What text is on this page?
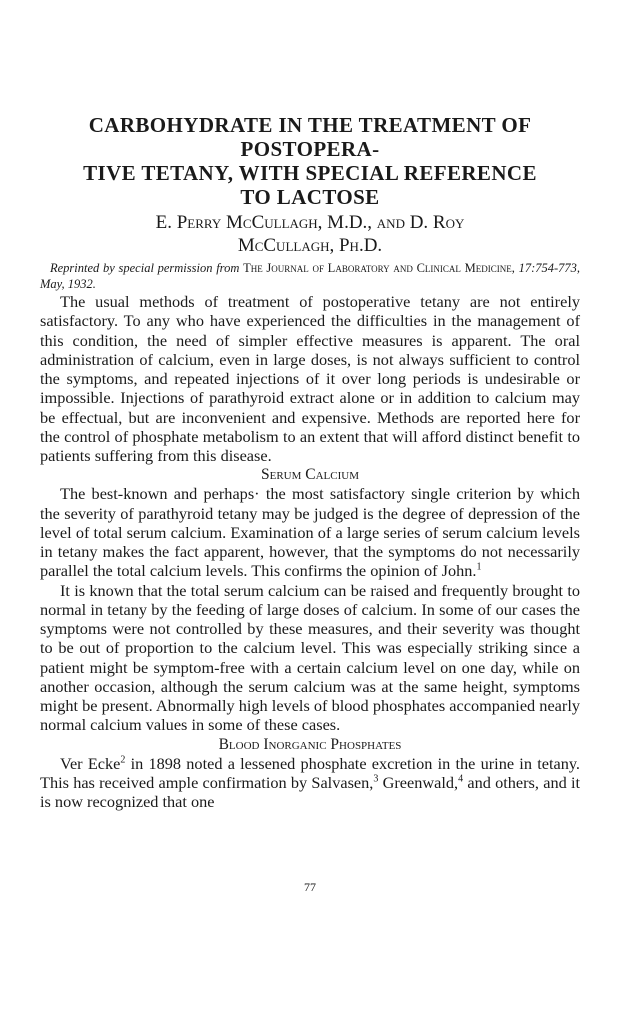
CARBOHYDRATE IN THE TREATMENT OF POSTOPERA-
TIVE TETANY, WITH SPECIAL REFERENCE
TO LACTOSE
E. Perry McCullagh, M.D., and D. Roy
McCullagh, Ph.D.

Reprinted by special permission from The Journal of Laboratory and Clinical Medicine, 17:754-773, May, 1932.

The usual methods of treatment of postoperative tetany are not entirely satisfactory. To any who have experienced the difficulties in the management of this condition, the need of simpler effective measures is apparent. The oral administration of calcium, even in large doses, is not always sufficient to control the symptoms, and repeated injections of it over long periods is undesirable or impossible. Injections of parathyroid extract alone or in addition to calcium may be effectual, but are inconvenient and expensive. Methods are reported here for the control of phosphate metabolism to an extent that will afford distinct benefit to patients suffering from this disease.

Serum Calcium

The best-known and perhaps· the most satisfactory single criterion by which the severity of parathyroid tetany may be judged is the degree of depression of the level of total serum calcium. Examination of a large series of serum calcium levels in tetany makes the fact apparent, however, that the symptoms do not necessarily parallel the total calcium levels. This confirms the opinion of John.$^1$

It is known that the total serum calcium can be raised and frequently brought to normal in tetany by the feeding of large doses of calcium. In some of our cases the symptoms were not controlled by these measures, and their severity was thought to be out of proportion to the calcium level. This was especially striking since a patient might be symptom-free with a certain calcium level on one day, while on another occasion, although the serum calcium was at the same height, symptoms might be present. Abnormally high levels of blood phosphates accompanied nearly normal calcium values in some of these cases.

Blood Inorganic Phosphates

Ver Ecke$^2$ in 1898 noted a lessened phosphate excretion in the urine in tetany. This has received ample confirmation by Salvasen,$^3$ Greenwald,$^4$ and others, and it is now recognized that one

77
